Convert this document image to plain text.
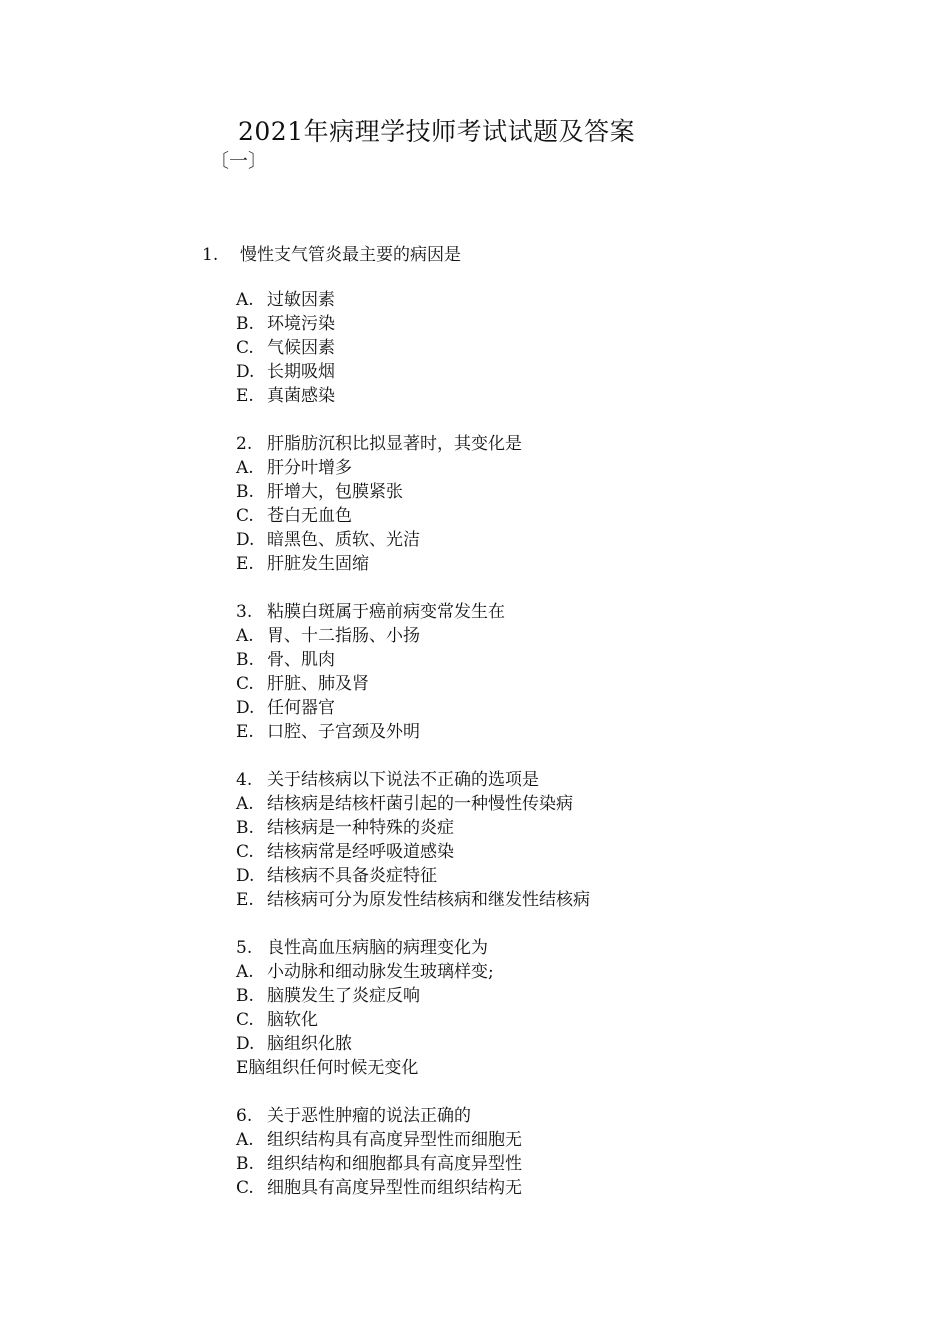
2021年病理学技师考试试题及答案
〔一〕
1. 慢性支气管炎最主要的病因是
A. 过敏因素
B. 环境污染
C. 气候因素
D. 长期吸烟
E. 真菌感染
2. 肝脂肪沉积比拟显著时，其变化是
A. 肝分叶增多
B. 肝增大，包膜紧张
C. 苍白无血色
D. 暗黑色、质软、光洁
E. 肝脏发生固缩
3. 粘膜白斑属于癌前病变常发生在
A. 胃、十二指肠、小扬
B. 骨、肌肉
C. 肝脏、肺及肾
D. 任何器官
E. 口腔、子宫颈及外明
4. 关于结核病以下说法不正确的选项是
A. 结核病是结核杆菌引起的一种慢性传染病
B. 结核病是一种特殊的炎症
C. 结核病常是经呼吸道感染
D. 结核病不具备炎症特征
E. 结核病可分为原发性结核病和继发性结核病
5. 良性高血压病脑的病理变化为
A. 小动脉和细动脉发生玻璃样变;
B. 脑膜发生了炎症反响
C. 脑软化
D. 脑组织化脓
E脑组织任何时候无变化
6. 关于恶性肿瘤的说法正确的
A. 组织结构具有高度异型性而细胞无
B. 组织结构和细胞都具有高度异型性
C. 细胞具有高度异型性而组织结构无
